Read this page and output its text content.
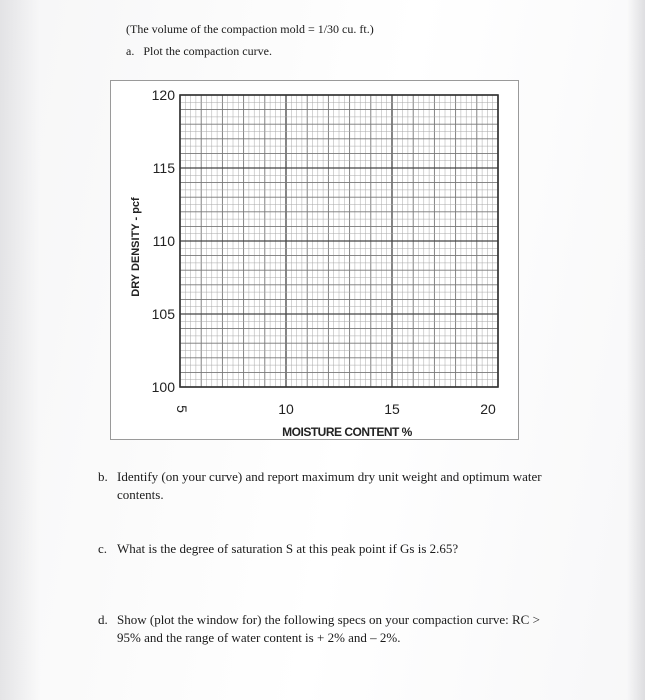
(The volume of the compaction mold = 1/30 cu. ft.)
a. Plot the compaction curve.
120
115
110
105
100
5	10	15	20
DRY DENSITY - pcf
MOISTURE CONTENT %
b. Identify (on your curve) and report maximum dry unit weight and optimum water
contents.
c. What is the degree of saturation S at this peak point if Gs is 2.65?
d. Show (plot the window for) the following specs on your compaction curve: RC >
95% and the range of water content is + 2% and – 2%.
